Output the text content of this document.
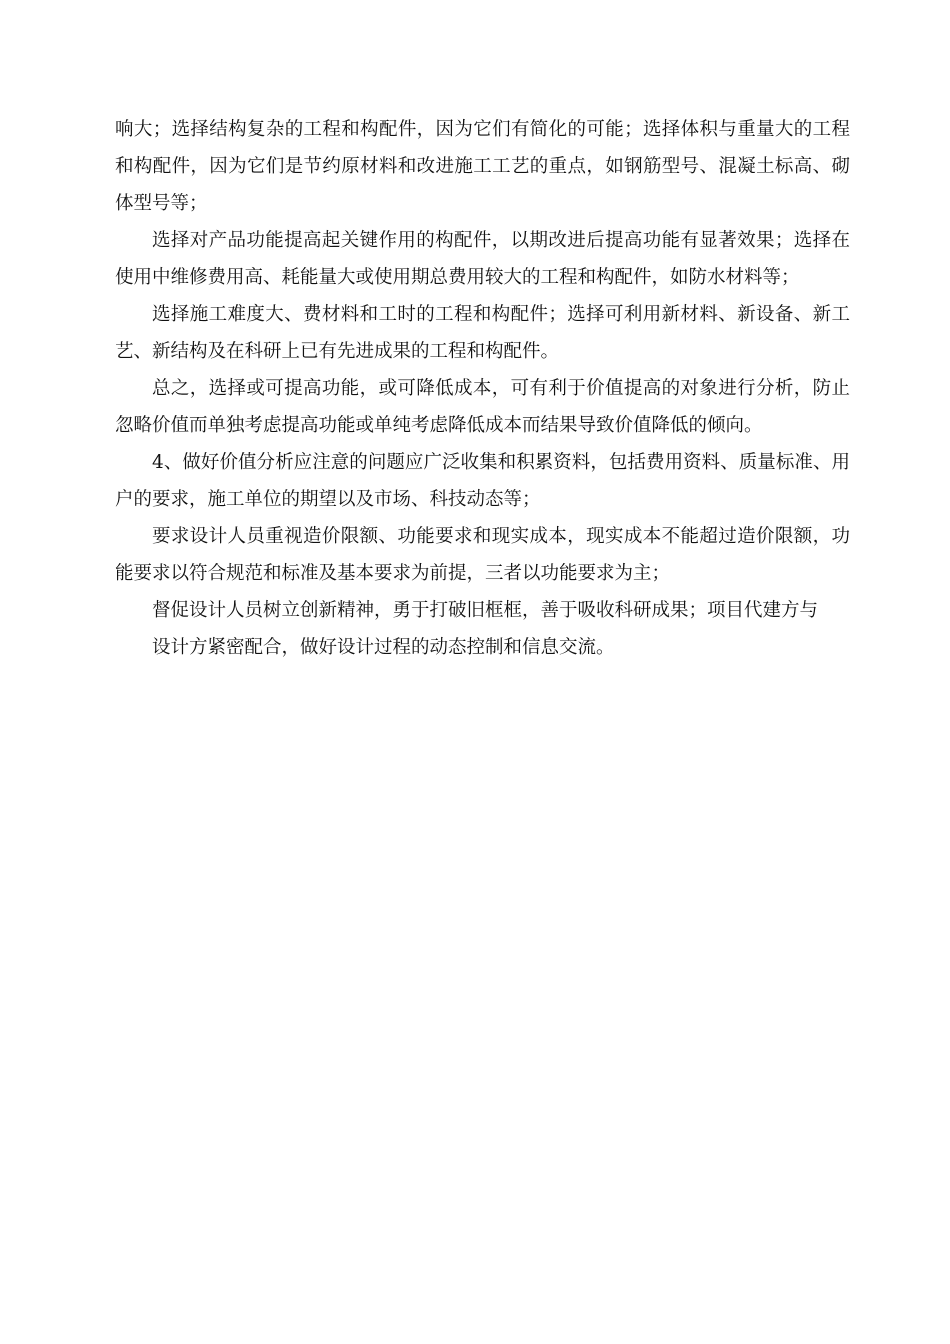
响大；选择结构复杂的工程和构配件，因为它们有简化的可能；选择体积与重量大的工程和构配件，因为它们是节约原材料和改进施工工艺的重点，如钢筋型号、混凝土标高、砌体型号等；

选择对产品功能提高起关键作用的构配件，以期改进后提高功能有显著效果；选择在使用中维修费用高、耗能量大或使用期总费用较大的工程和构配件，如防水材料等；

选择施工难度大、费材料和工时的工程和构配件；选择可利用新材料、新设备、新工艺、新结构及在科研上已有先进成果的工程和构配件。

总之，选择或可提高功能，或可降低成本，可有利于价值提高的对象进行分析，防止忽略价值而单独考虑提高功能或单纯考虑降低成本而结果导致价值降低的倾向。

4、做好价值分析应注意的问题应广泛收集和积累资料，包括费用资料、质量标准、用户的要求，施工单位的期望以及市场、科技动态等；

要求设计人员重视造价限额、功能要求和现实成本，现实成本不能超过造价限额，功能要求以符合规范和标准及基本要求为前提，三者以功能要求为主；

督促设计人员树立创新精神，勇于打破旧框框，善于吸收科研成果；项目代建方与

设计方紧密配合，做好设计过程的动态控制和信息交流。
